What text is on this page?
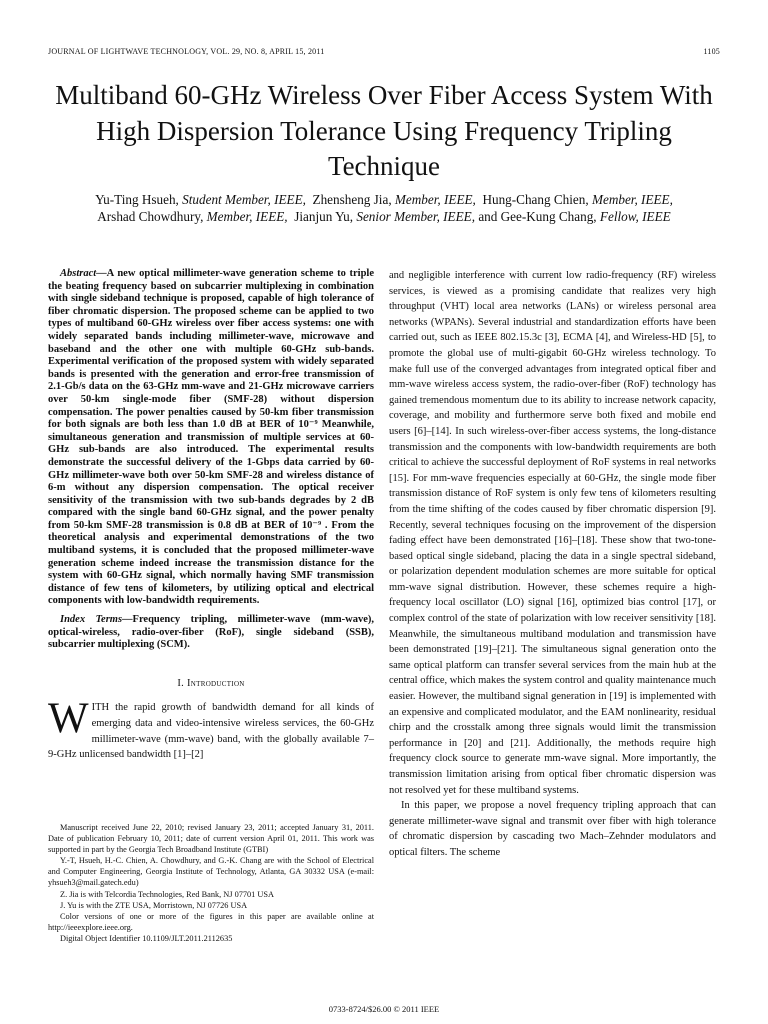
JOURNAL OF LIGHTWAVE TECHNOLOGY, VOL. 29, NO. 8, APRIL 15, 2011	1105
Multiband 60-GHz Wireless Over Fiber Access System With High Dispersion Tolerance Using Frequency Tripling Technique
Yu-Ting Hsueh, Student Member, IEEE, Zhensheng Jia, Member, IEEE, Hung-Chang Chien, Member, IEEE,
Arshad Chowdhury, Member, IEEE, Jianjun Yu, Senior Member, IEEE, and Gee-Kung Chang, Fellow, IEEE

Abstract—A new optical millimeter-wave generation scheme to triple the beating frequency based on subcarrier multiplexing in combination with single sideband technique is proposed, capable of high tolerance of fiber chromatic dispersion. The proposed scheme can be applied to two types of multiband 60-GHz wireless over fiber access systems: one with widely separated bands including millimeter-wave, microwave and baseband and the other one with multiple 60-GHz sub-bands. Experimental verification of the proposed system with widely separated bands is presented with the generation and error-free transmission of 2.1-Gb/s data on the 63-GHz mm-wave and 21-GHz microwave carriers over 50-km single-mode fiber (SMF-28) without dispersion compensation. The power penalties caused by 50-km fiber transmission for both signals are both less than 1.0 dB at BER of 10⁻⁹ Meanwhile, simultaneous generation and transmission of multiple services at 60-GHz sub-bands are also introduced. The experimental results demonstrate the successful delivery of the 1-Gbps data carried by 60-GHz millimeter-wave both over 50-km SMF-28 and wireless distance of 6-m without any dispersion compensation. The optical receiver sensitivity of the transmission with two sub-bands degrades by 2 dB compared with the single band 60-GHz signal, and the power penalty from 50-km SMF-28 transmission is 0.8 dB at BER of 10⁻⁹ . From the theoretical analysis and experimental demonstrations of the two multiband systems, it is concluded that the proposed millimeter-wave generation scheme indeed increase the transmission distance for the system with 60-GHz signal, which normally having SMF transmission distance of few tens of kilometers, by utilizing optical and electrical components with low-bandwidth requirements.

Index Terms—Frequency tripling, millimeter-wave (mm-wave), optical-wireless, radio-over-fiber (RoF), single sideband (SSB), subcarrier multiplexing (SCM).

I. Introduction

WITH the rapid growth of bandwidth demand for all kinds of emerging data and video-intensive wireless services, the 60-GHz millimeter-wave (mm-wave) band, with the globally available 7–9-GHz unlicensed bandwidth [1]–[2]

Manuscript received June 22, 2010; revised January 23, 2011; accepted January 31, 2011. Date of publication February 10, 2011; date of current version April 01, 2011. This work was supported in part by the Georgia Tech Broadband Institute (GTBI)

Y.-T, Hsueh, H.-C. Chien, A. Chowdhury, and G.-K. Chang are with the School of Electrical and Computer Engineering, Georgia Institute of Technology, Atlanta, GA 30332 USA (e-mail: yhsueh3@mail.gatech.edu)

Z. Jia is with Telcordia Technologies, Red Bank, NJ 07701 USA

J. Yu is with the ZTE USA, Morristown, NJ 07726 USA

Color versions of one or more of the figures in this paper are available online at http://ieeexplore.ieee.org.

Digital Object Identifier 10.1109/JLT.2011.2112635

and negligible interference with current low radio-frequency (RF) wireless services, is viewed as a promising candidate that realizes very high throughput (VHT) local area networks (LANs) or wireless personal area networks (WPANs). Several industrial and standardization efforts have been carried out, such as IEEE 802.15.3c [3], ECMA [4], and Wireless-HD [5], to promote the global use of multi-gigabit 60-GHz wireless technology. To make full use of the converged advantages from integrated optical fiber and mm-wave wireless access system, the radio-over-fiber (RoF) technology has gained tremendous momentum due to its ability to increase network capacity, coverage, and mobility and furthermore serve both fixed and mobile end users [6]–[14]. In such wireless-over-fiber access systems, the long-distance transmission and the components with low-bandwidth requirements are both critical to achieve the successful deployment of RoF systems in real networks [15]. For mm-wave frequencies especially at 60-GHz, the single mode fiber transmission distance of RoF system is only few tens of kilometers resulting from the time shifting of the codes caused by fiber chromatic dispersion [9]. Recently, several techniques focusing on the improvement of the dispersion fading effect have been demonstrated [16]–[18]. These show that two-tone-based optical single sideband, placing the data in a single spectral sideband, or polarization dependent modulation schemes are more suitable for optical mm-wave signal distribution. However, these schemes require a high-frequency local oscillator (LO) signal [16], optimized bias control [17], or complex control of the state of polarization with low receiver sensitivity [18]. Meanwhile, the simultaneous multiband modulation and transmission have been demonstrated [19]–[21]. The simultaneous signal generation onto the same optical platform can transfer several services from the main hub at the central office, which makes the system control and quality maintenance much easier. However, the multiband signal generation in [19] is implemented with an expensive and complicated modulator, and the EAM nonlinearity, residual chirp and the crosstalk among three signals would limit the transmission performance in [20] and [21]. Additionally, the methods require high frequency clock source to generate mm-wave signal. More importantly, the transmission limitation arising from optical fiber chromatic dispersion was not resolved yet for these multiband systems.

In this paper, we propose a novel frequency tripling approach that can generate millimeter-wave signal and transmit over fiber with high tolerance of chromatic dispersion by cascading two Mach–Zehnder modulators and optical filters. The scheme

0733-8724/$26.00 © 2011 IEEE
